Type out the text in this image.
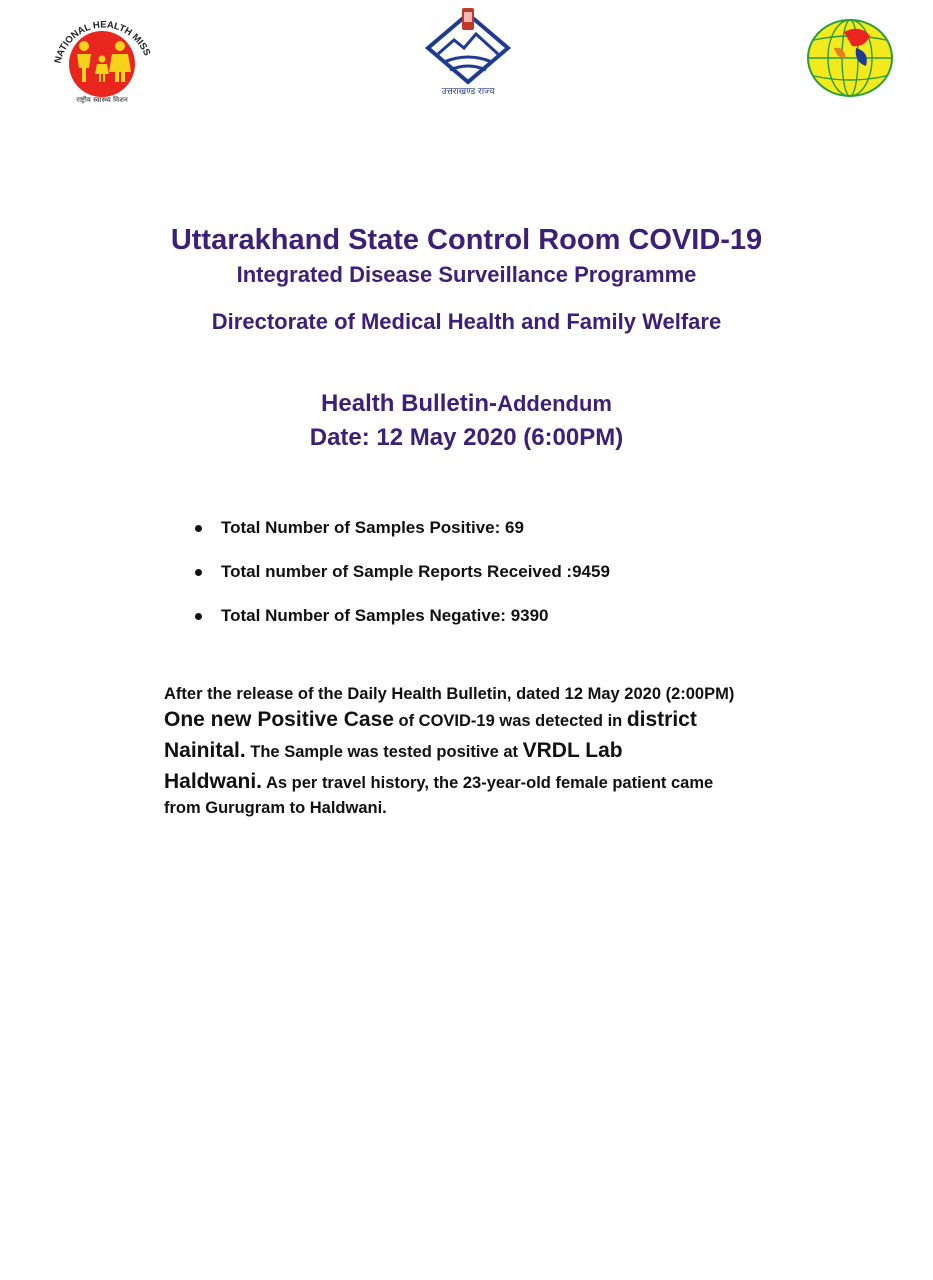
NATIONAL HEALTH MISS
राष्ट्रीय स्वास्थ्य मिशन
उत्तराखण्ड राज्य
Uttarakhand State Control Room COVID-19
Integrated Disease Surveillance Programme
Directorate of Medical Health and Family Welfare
Health Bulletin-Addendum
Date: 12 May 2020 (6:00PM)
Total Number of Samples Positive: 69
Total number of Sample Reports Received :9459
Total Number of Samples Negative: 9390
After the release of the Daily Health Bulletin, dated 12 May 2020 (2:00PM)
One new Positive Case of COVID-19 was detected in district
Nainital. The Sample was tested positive at VRDL Lab
Haldwani. As per travel history, the 23-year-old female patient came
from Gurugram to Haldwani.
